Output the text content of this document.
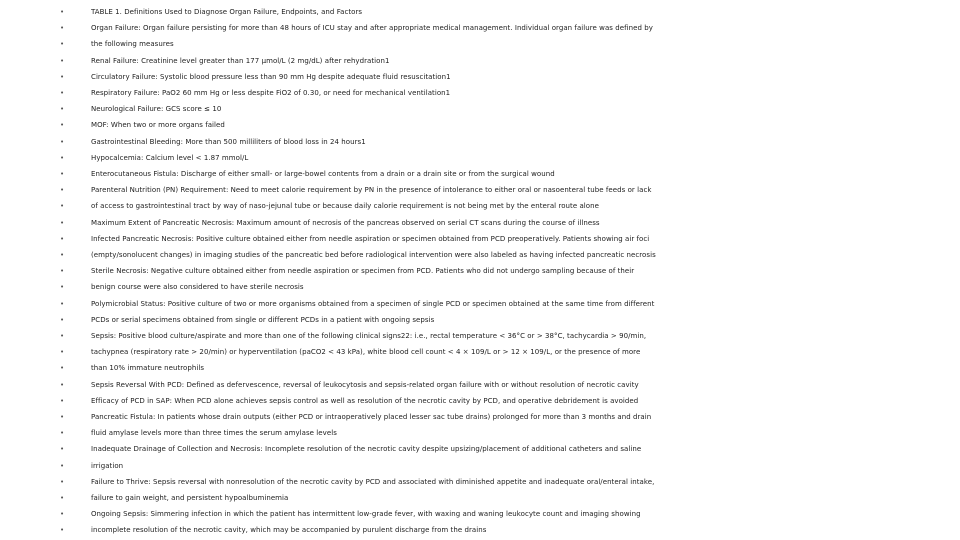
•	TABLE 1. Definitions Used to Diagnose Organ Failure, Endpoints, and Factors
•	Organ Failure: Organ failure persisting for more than 48 hours of ICU stay and after appropriate medical management. Individual organ failure was defined by
•	the following measures
•	Renal Failure: Creatinine level greater than 177 µmol/L (2 mg/dL) after rehydration1
•	Circulatory Failure: Systolic blood pressure less than 90 mm Hg despite adequate fluid resuscitation1
•	Respiratory Failure: PaO2 60 mm Hg or less despite FiO2 of 0.30, or need for mechanical ventilation1
•	Neurological Failure: GCS score ≤ 10
•	MOF: When two or more organs failed
•	Gastrointestinal Bleeding: More than 500 milliliters of blood loss in 24 hours1
•	Hypocalcemia: Calcium level < 1.87 mmol/L
•	Enterocutaneous Fistula: Discharge of either small- or large-bowel contents from a drain or a drain site or from the surgical wound
•	Parenteral Nutrition (PN) Requirement: Need to meet calorie requirement by PN in the presence of intolerance to either oral or nasoenteral tube feeds or lack
•	of access to gastrointestinal tract by way of naso-jejunal tube or because daily calorie requirement is not being met by the enteral route alone
•	Maximum Extent of Pancreatic Necrosis: Maximum amount of necrosis of the pancreas observed on serial CT scans during the course of illness
•	Infected Pancreatic Necrosis: Positive culture obtained either from needle aspiration or specimen obtained from PCD preoperatively. Patients showing air foci
•	(empty/sonolucent changes) in imaging studies of the pancreatic bed before radiological intervention were also labeled as having infected pancreatic necrosis
•	Sterile Necrosis: Negative culture obtained either from needle aspiration or specimen from PCD. Patients who did not undergo sampling because of their
•	benign course were also considered to have sterile necrosis
•	Polymicrobial Status: Positive culture of two or more organisms obtained from a specimen of single PCD or specimen obtained at the same time from different
•	PCDs or serial specimens obtained from single or different PCDs in a patient with ongoing sepsis
•	Sepsis: Positive blood culture/aspirate and more than one of the following clinical signs22: i.e., rectal temperature < 36°C or > 38°C, tachycardia > 90/min,
•	tachypnea (respiratory rate > 20/min) or hyperventilation (paCO2 < 43 kPa), white blood cell count < 4 × 109/L or > 12 × 109/L, or the presence of more
•	than 10% immature neutrophils
•	Sepsis Reversal With PCD: Defined as defervescence, reversal of leukocytosis and sepsis-related organ failure with or without resolution of necrotic cavity
•	Efficacy of PCD in SAP: When PCD alone achieves sepsis control as well as resolution of the necrotic cavity by PCD, and operative debridement is avoided
•	Pancreatic Fistula: In patients whose drain outputs (either PCD or intraoperatively placed lesser sac tube drains) prolonged for more than 3 months and drain
•	fluid amylase levels more than three times the serum amylase levels
•	Inadequate Drainage of Collection and Necrosis: Incomplete resolution of the necrotic cavity despite upsizing/placement of additional catheters and saline
•	irrigation
•	Failure to Thrive: Sepsis reversal with nonresolution of the necrotic cavity by PCD and associated with diminished appetite and inadequate oral/enteral intake,
•	failure to gain weight, and persistent hypoalbuminemia
•	Ongoing Sepsis: Simmering infection in which the patient has intermittent low-grade fever, with waxing and waning leukocyte count and imaging showing
•	incomplete resolution of the necrotic cavity, which may be accompanied by purulent discharge from the drains
